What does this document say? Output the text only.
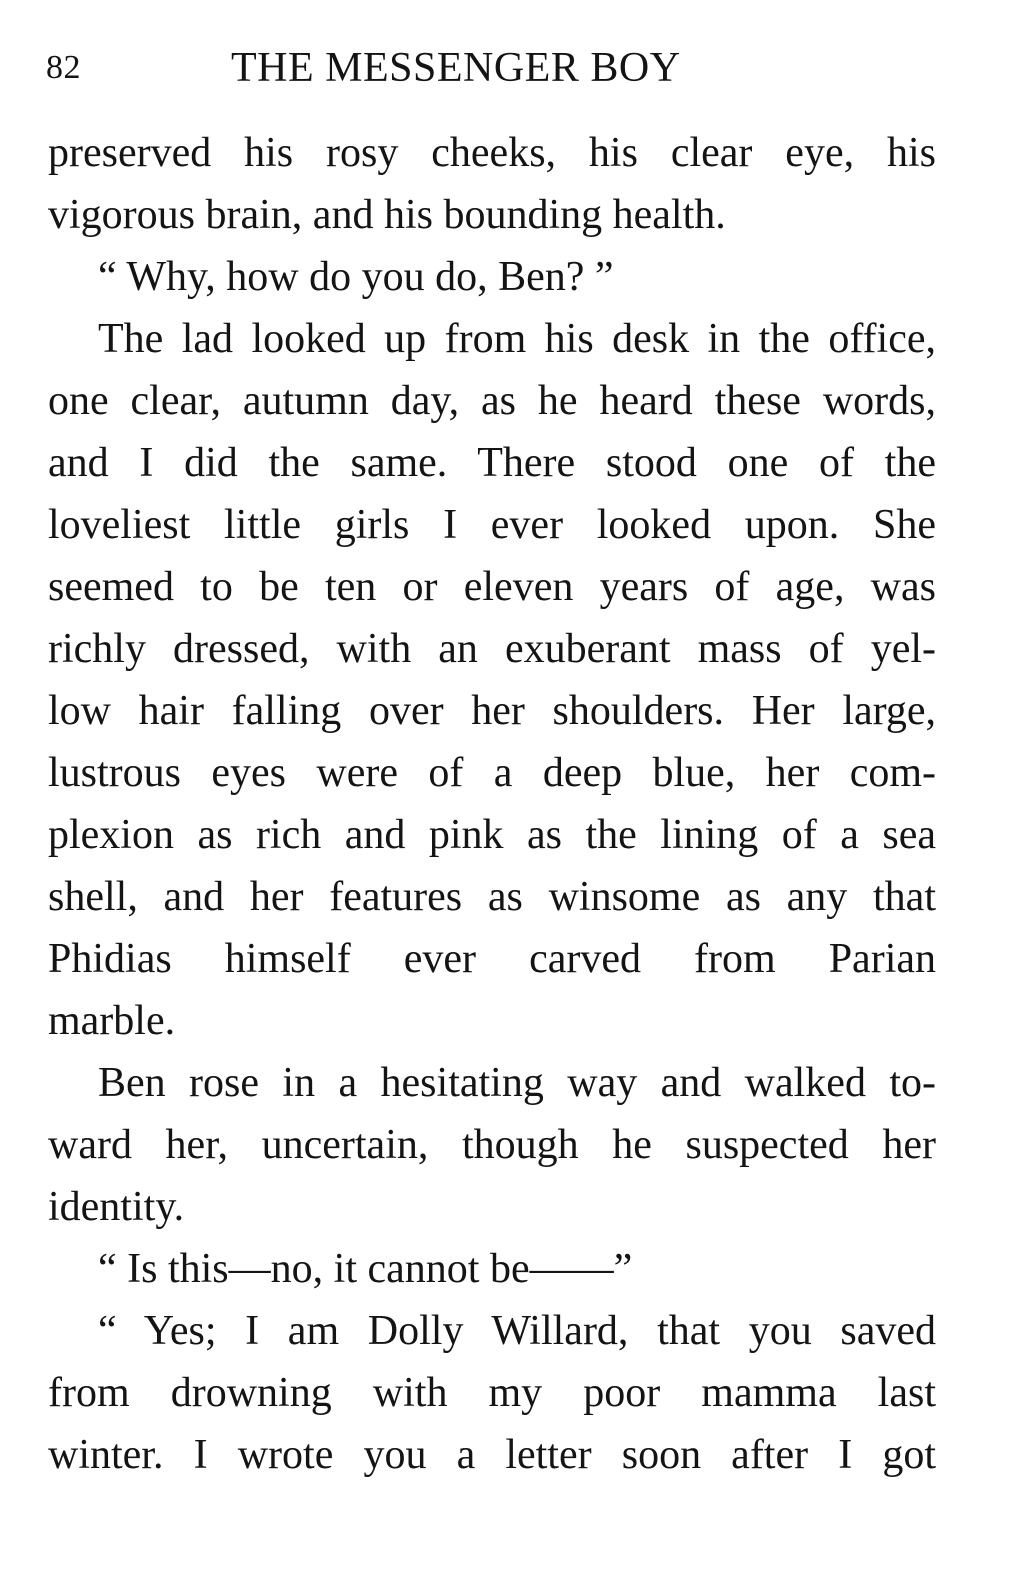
82	THE MESSENGER BOY
preserved his rosy cheeks, his clear eye, his
vigorous brain, and his bounding health.
“ Why, how do you do, Ben? ”
The lad looked up from his desk in the office,
one clear, autumn day, as he heard these words,
and I did the same. There stood one of the
loveliest little girls I ever looked upon. She
seemed to be ten or eleven years of age, was
richly dressed, with an exuberant mass of yel-
low hair falling over her shoulders. Her large,
lustrous eyes were of a deep blue, her com-
plexion as rich and pink as the lining of a sea
shell, and her features as winsome as any that
Phidias himself ever carved from Parian
marble.
Ben rose in a hesitating way and walked to-
ward her, uncertain, though he suspected her
identity.
“ Is this—no, it cannot be——”
“ Yes; I am Dolly Willard, that you saved
from drowning with my poor mamma last
winter. I wrote you a letter soon after I got
